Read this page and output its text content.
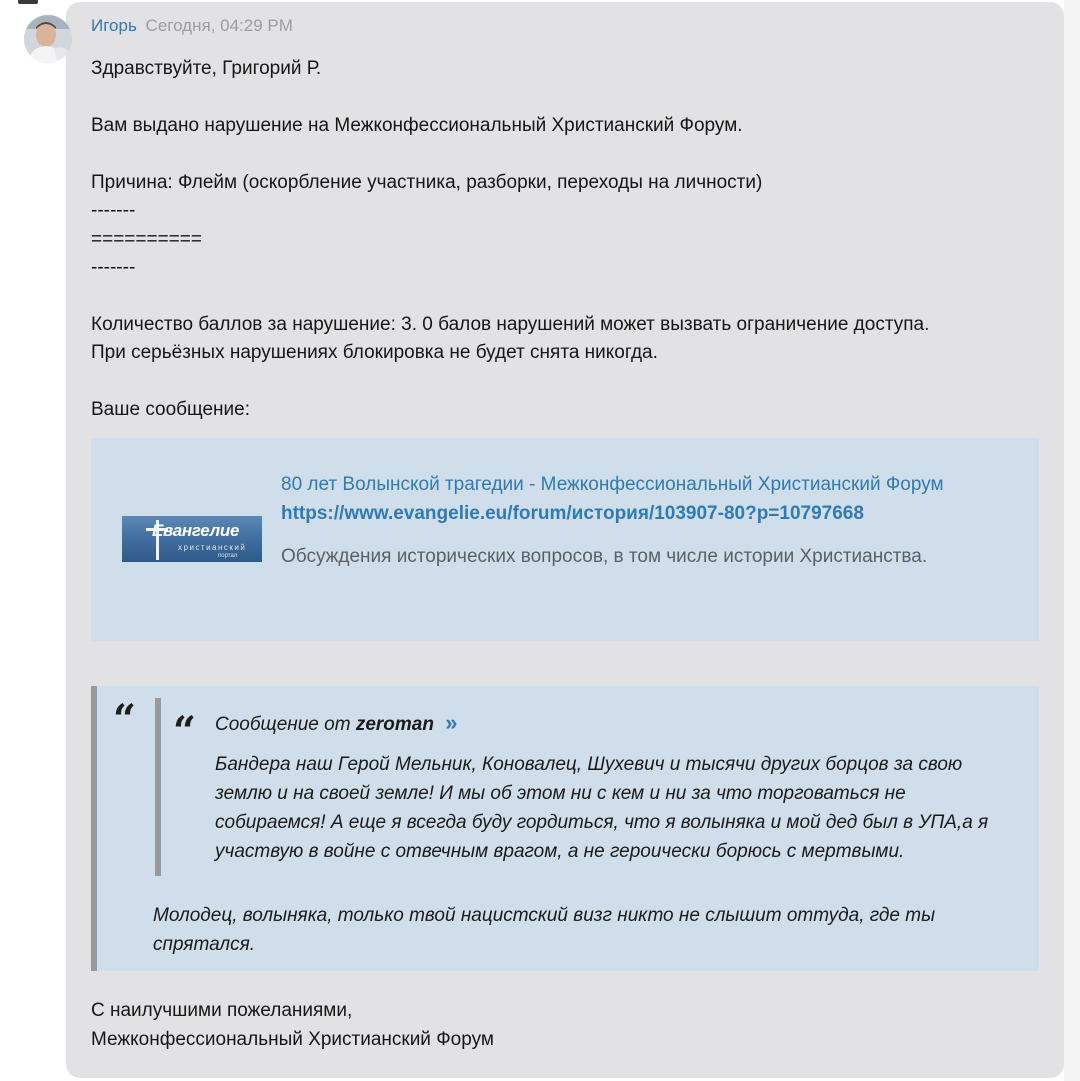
Игорь Сегодня, 04:29 PM

Здравствуйте, Григорий Р.

Вам выдано нарушение на Межконфессиональный Христианский Форум.

Причина: Флейм (оскорбление участника, разборки, переходы на личности)

-------

==========

-------

Количество баллов за нарушение: 3. 0 балов нарушений может вызвать ограничение доступа.

При серьёзных нарушениях блокировка не будет снята никогда.

Ваше сообщение:

Евангелие
христианский
портал
80 лет Волынской трагедии - Межконфессиональный Христианский Форум
https://www.evangelie.eu/forum/история/103907-80?p=10797668
Обсуждения исторических вопросов, в том числе истории Христианства.
“ “ Сообщение от zeroman »
Бандера наш Герой Мельник, Коновалец, Шухевич и тысячи других борцов за свою
землю и на своей земле! И мы об этом ни с кем и ни за что торговаться не
собираемся! А еще я всегда буду гордиться, что я волыняка и мой дед был в УПА,а я
участвую в войне с отвечным врагом, а не героически борюсь с мертвыми.
Молодец, волыняка, только твой нацистский визг никто не слышит оттуда, где ты
спрятался.

С наилучшими пожеланиями,

Межконфессиональный Христианский Форум
